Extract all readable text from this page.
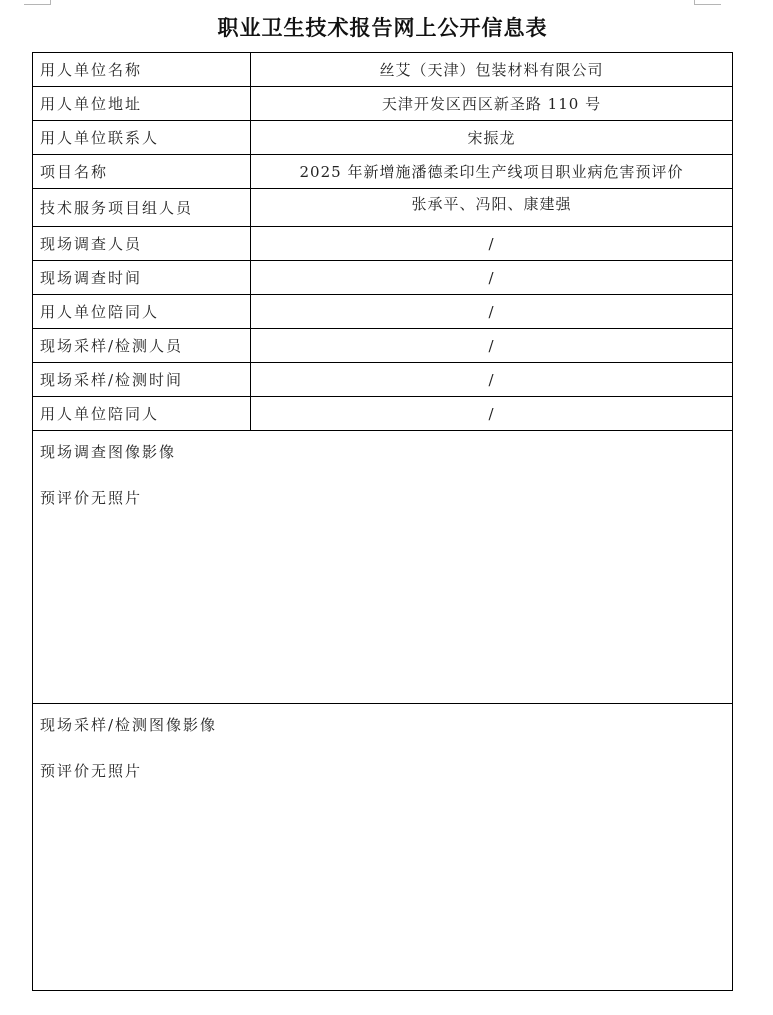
职业卫生技术报告网上公开信息表
用人单位名称	丝艾（天津）包装材料有限公司
用人单位地址	天津开发区西区新圣路 110 号
用人单位联系人	宋振龙
项目名称	2025 年新增施潘德柔印生产线项目职业病危害预评价
技术服务项目组人员	张承平、冯阳、康建强
现场调查人员	/
现场调查时间	/
用人单位陪同人	/
现场采样/检测人员	/
现场采样/检测时间	/
用人单位陪同人	/

现场调查图像影像
预评价无照片	

现场采样/检测图像影像
预评价无照片	
